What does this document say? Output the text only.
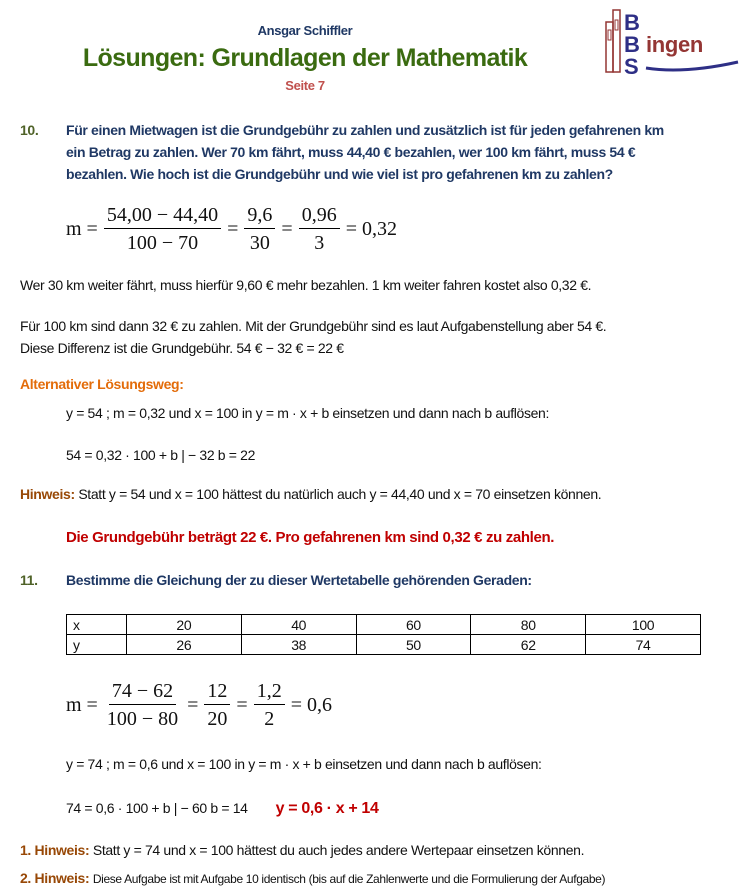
Ansgar Schiffler
Lösungen: Grundlagen der Mathematik
Seite 7
B
B ingen
S
10. Für einen Mietwagen ist die Grundgebühr zu zahlen und zusätzlich ist für jeden gefahrenen km
ein Betrag zu zahlen. Wer 70 km fährt, muss 44,40 € bezahlen, wer 100 km fährt, muss 54 €
bezahlen. Wie hoch ist die Grundgebühr und wie viel ist pro gefahrenen km zu zahlen?
$m = \frac{54,00 - 44,40}{100 - 70} = \frac{9,6}{30} = \frac{0,96}{3} = 0,32$
Wer 30 km weiter fährt, muss hierfür 9,60 € mehr bezahlen. 1 km weiter fahren kostet also 0,32 €.
Für 100 km sind dann 32 € zu zahlen. Mit der Grundgebühr sind es laut Aufgabenstellung aber 54 €.
Diese Differenz ist die Grundgebühr. 54 € − 32 € = 22 €
Alternativer Lösungsweg:
y = 54 ; m = 0,32 und x = 100 in y = m · x + b einsetzen und dann nach b auflösen:
54 = 0,32 · 100 + b | − 32 b = 22
Hinweis: Statt y = 54 und x = 100 hättest du natürlich auch y = 44,40 und x = 70 einsetzen können.
Die Grundgebühr beträgt 22 €. Pro gefahrenen km sind 0,32 € zu zahlen.
11. Bestimme die Gleichung der zu dieser Wertetabelle gehörenden Geraden:
x	20	40	60	80	100
y	26	38	50	62	74
$m = \frac{74 - 62}{100 - 80} = \frac{12}{20} = \frac{1,2}{2} = 0,6$
y = 74 ; m = 0,6 und x = 100 in y = m · x + b einsetzen und dann nach b auflösen:
74 = 0,6 · 100 + b | − 60 b = 14 y = 0,6 · x + 14
1. Hinweis: Statt y = 74 und x = 100 hättest du auch jedes andere Wertepaar einsetzen können.
2. Hinweis: Diese Aufgabe ist mit Aufgabe 10 identisch (bis auf die Zahlenwerte und die Formulierung der Aufgabe)
